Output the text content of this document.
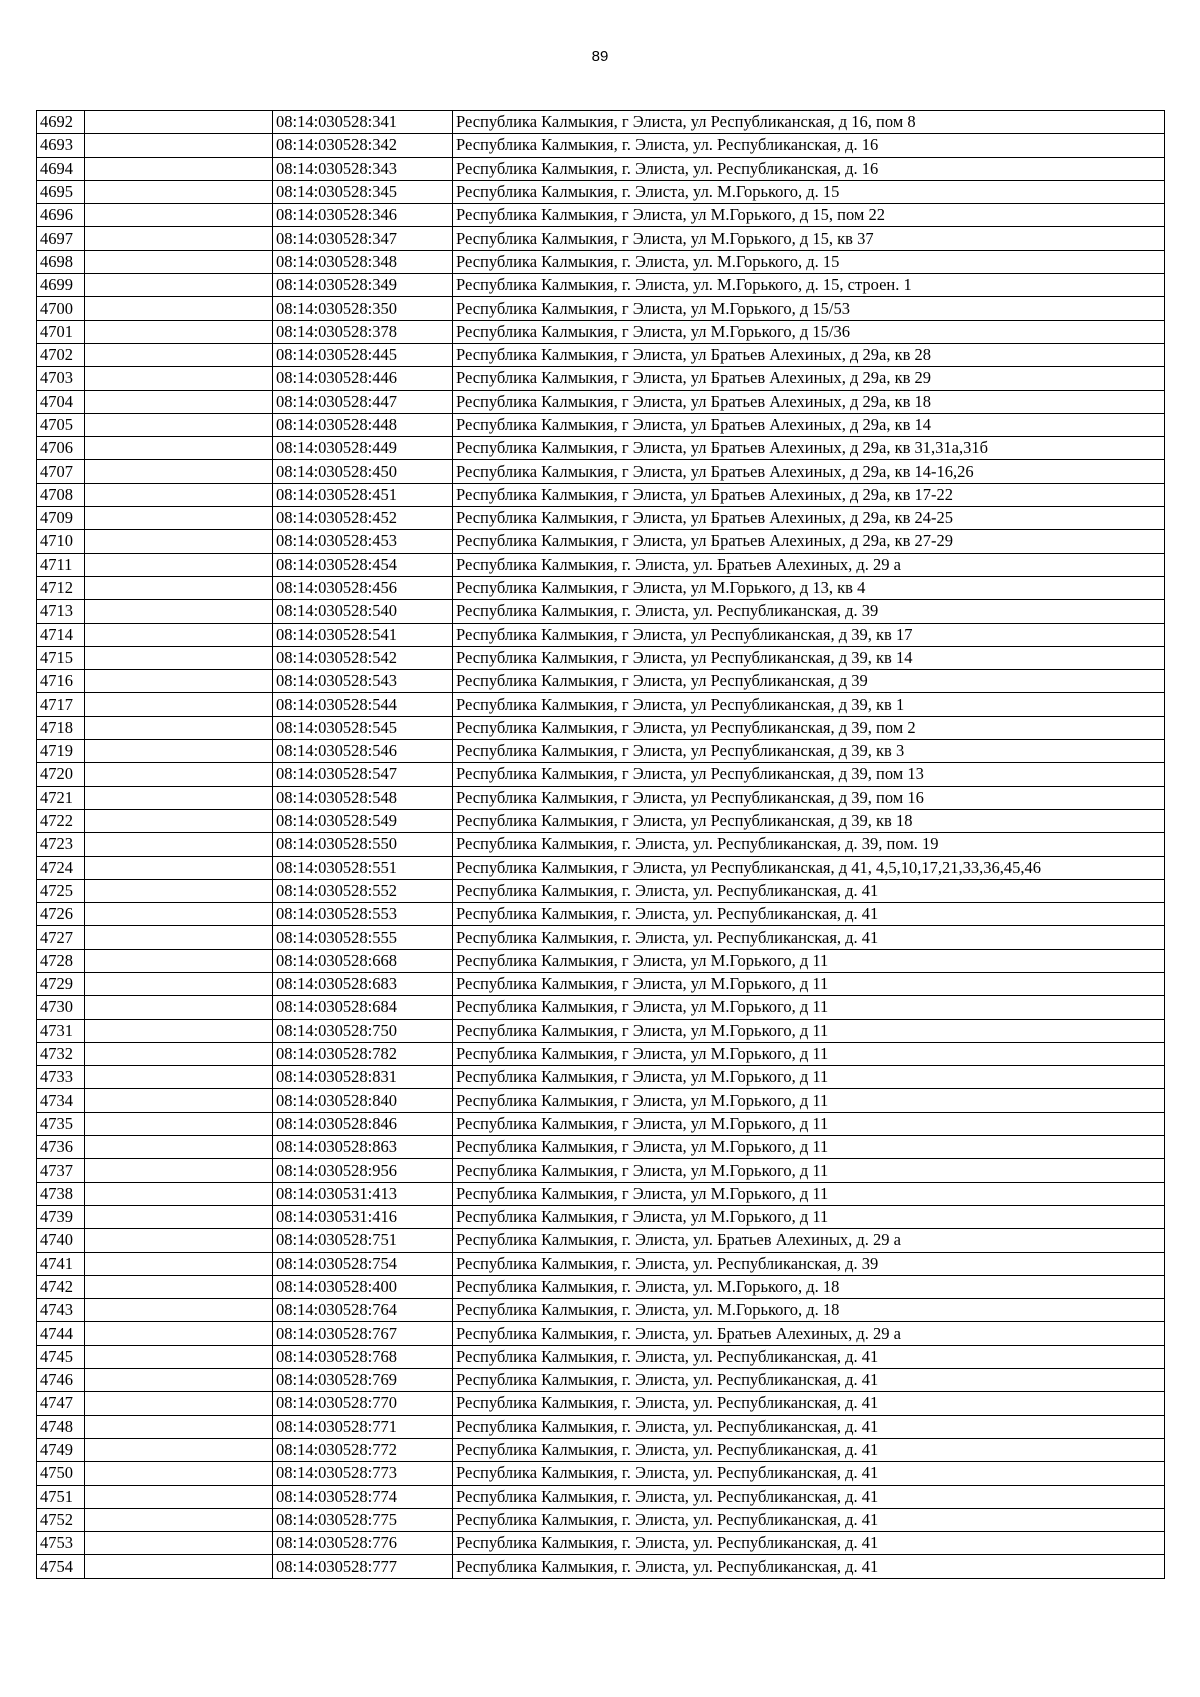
89
4692		08:14:030528:341	Республика Калмыкия, г Элиста, ул Республиканская, д 16, пом 8
4693		08:14:030528:342	Республика Калмыкия, г. Элиста, ул. Республиканская, д. 16
4694		08:14:030528:343	Республика Калмыкия, г. Элиста, ул. Республиканская, д. 16
4695		08:14:030528:345	Республика Калмыкия, г. Элиста, ул. М.Горького, д. 15
4696		08:14:030528:346	Республика Калмыкия, г Элиста, ул М.Горького, д 15, пом 22
4697		08:14:030528:347	Республика Калмыкия, г Элиста, ул М.Горького, д 15, кв 37
4698		08:14:030528:348	Республика Калмыкия, г. Элиста, ул. М.Горького, д. 15
4699		08:14:030528:349	Республика Калмыкия, г. Элиста, ул. М.Горького, д. 15, строен. 1
4700		08:14:030528:350	Республика Калмыкия, г Элиста, ул М.Горького, д 15/53
4701		08:14:030528:378	Республика Калмыкия, г Элиста, ул М.Горького, д 15/36
4702		08:14:030528:445	Республика Калмыкия, г Элиста, ул Братьев Алехиных, д 29а, кв 28
4703		08:14:030528:446	Республика Калмыкия, г Элиста, ул Братьев Алехиных, д 29а, кв 29
4704		08:14:030528:447	Республика Калмыкия, г Элиста, ул Братьев Алехиных, д 29а, кв 18
4705		08:14:030528:448	Республика Калмыкия, г Элиста, ул Братьев Алехиных, д 29а, кв 14
4706		08:14:030528:449	Республика Калмыкия, г Элиста, ул Братьев Алехиных, д 29а, кв 31,31а,31б
4707		08:14:030528:450	Республика Калмыкия, г Элиста, ул Братьев Алехиных, д 29а, кв 14-16,26
4708		08:14:030528:451	Республика Калмыкия, г Элиста, ул Братьев Алехиных, д 29а, кв 17-22
4709		08:14:030528:452	Республика Калмыкия, г Элиста, ул Братьев Алехиных, д 29а, кв 24-25
4710		08:14:030528:453	Республика Калмыкия, г Элиста, ул Братьев Алехиных, д 29а, кв 27-29
4711		08:14:030528:454	Республика Калмыкия, г. Элиста, ул. Братьев Алехиных, д. 29 а
4712		08:14:030528:456	Республика Калмыкия, г Элиста, ул М.Горького, д 13, кв 4
4713		08:14:030528:540	Республика Калмыкия, г. Элиста, ул. Республиканская, д. 39
4714		08:14:030528:541	Республика Калмыкия, г Элиста, ул Республиканская, д 39, кв 17
4715		08:14:030528:542	Республика Калмыкия, г Элиста, ул Республиканская, д 39, кв 14
4716		08:14:030528:543	Республика Калмыкия, г Элиста, ул Республиканская, д 39
4717		08:14:030528:544	Республика Калмыкия, г Элиста, ул Республиканская, д 39, кв 1
4718		08:14:030528:545	Республика Калмыкия, г Элиста, ул Республиканская, д 39, пом 2
4719		08:14:030528:546	Республика Калмыкия, г Элиста, ул Республиканская, д 39, кв 3
4720		08:14:030528:547	Республика Калмыкия, г Элиста, ул Республиканская, д 39, пом 13
4721		08:14:030528:548	Республика Калмыкия, г Элиста, ул Республиканская, д 39, пом 16
4722		08:14:030528:549	Республика Калмыкия, г Элиста, ул Республиканская, д 39, кв 18
4723		08:14:030528:550	Республика Калмыкия, г. Элиста, ул. Республиканская, д. 39, пом. 19
4724		08:14:030528:551	Республика Калмыкия, г Элиста, ул Республиканская, д 41, 4,5,10,17,21,33,36,45,46
4725		08:14:030528:552	Республика Калмыкия, г. Элиста, ул. Республиканская, д. 41
4726		08:14:030528:553	Республика Калмыкия, г. Элиста, ул. Республиканская, д. 41
4727		08:14:030528:555	Республика Калмыкия, г. Элиста, ул. Республиканская, д. 41
4728		08:14:030528:668	Республика Калмыкия, г Элиста, ул М.Горького, д 11
4729		08:14:030528:683	Республика Калмыкия, г Элиста, ул М.Горького, д 11
4730		08:14:030528:684	Республика Калмыкия, г Элиста, ул М.Горького, д 11
4731		08:14:030528:750	Республика Калмыкия, г Элиста, ул М.Горького, д 11
4732		08:14:030528:782	Республика Калмыкия, г Элиста, ул М.Горького, д 11
4733		08:14:030528:831	Республика Калмыкия, г Элиста, ул М.Горького, д 11
4734		08:14:030528:840	Республика Калмыкия, г Элиста, ул М.Горького, д 11
4735		08:14:030528:846	Республика Калмыкия, г Элиста, ул М.Горького, д 11
4736		08:14:030528:863	Республика Калмыкия, г Элиста, ул М.Горького, д 11
4737		08:14:030528:956	Республика Калмыкия, г Элиста, ул М.Горького, д 11
4738		08:14:030531:413	Республика Калмыкия, г Элиста, ул М.Горького, д 11
4739		08:14:030531:416	Республика Калмыкия, г Элиста, ул М.Горького, д 11
4740		08:14:030528:751	Республика Калмыкия, г. Элиста, ул. Братьев Алехиных, д. 29 а
4741		08:14:030528:754	Республика Калмыкия, г. Элиста, ул. Республиканская, д. 39
4742		08:14:030528:400	Республика Калмыкия, г. Элиста, ул. М.Горького, д. 18
4743		08:14:030528:764	Республика Калмыкия, г. Элиста, ул. М.Горького, д. 18
4744		08:14:030528:767	Республика Калмыкия, г. Элиста, ул. Братьев Алехиных, д. 29 а
4745		08:14:030528:768	Республика Калмыкия, г. Элиста, ул. Республиканская, д. 41
4746		08:14:030528:769	Республика Калмыкия, г. Элиста, ул. Республиканская, д. 41
4747		08:14:030528:770	Республика Калмыкия, г. Элиста, ул. Республиканская, д. 41
4748		08:14:030528:771	Республика Калмыкия, г. Элиста, ул. Республиканская, д. 41
4749		08:14:030528:772	Республика Калмыкия, г. Элиста, ул. Республиканская, д. 41
4750		08:14:030528:773	Республика Калмыкия, г. Элиста, ул. Республиканская, д. 41
4751		08:14:030528:774	Республика Калмыкия, г. Элиста, ул. Республиканская, д. 41
4752		08:14:030528:775	Республика Калмыкия, г. Элиста, ул. Республиканская, д. 41
4753		08:14:030528:776	Республика Калмыкия, г. Элиста, ул. Республиканская, д. 41
4754		08:14:030528:777	Республика Калмыкия, г. Элиста, ул. Республиканская, д. 41
